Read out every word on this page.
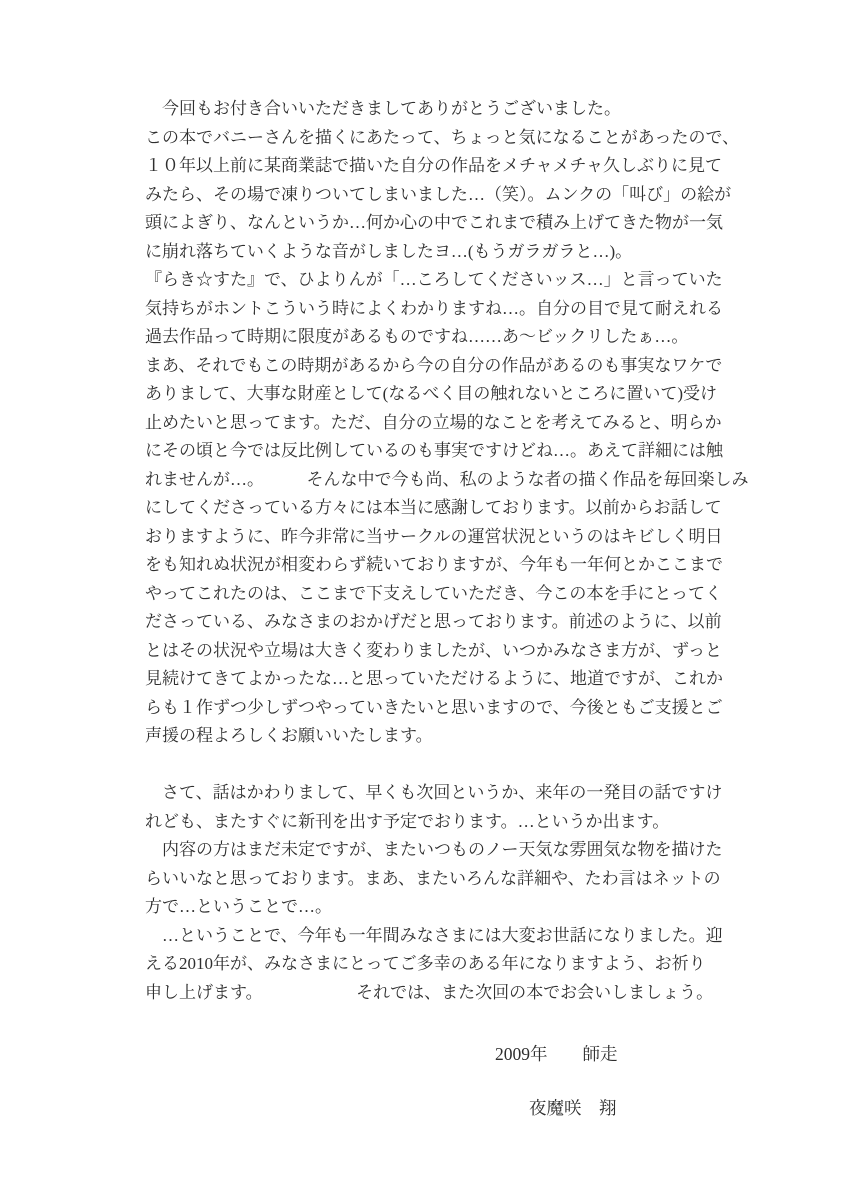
　今回もお付き合いいただきましてありがとうございました。
この本でバニーさんを描くにあたって、ちょっと気になることがあったので、
１０年以上前に某商業誌で描いた自分の作品をメチャメチャ久しぶりに見て
みたら、その場で凍りついてしまいました…（笑）。ムンクの「叫び」の絵が
頭によぎり、なんというか…何か心の中でこれまで積み上げてきた物が一気
に崩れ落ちていくような音がしましたヨ…(もうガラガラと…)。
『らき☆すた』で、ひよりんが「…ころしてくださいッス…」と言っていた
気持ちがホントこういう時によくわかりますね…。自分の目で見て耐えれる
過去作品って時期に限度があるものですね……あ〜ビックリしたぁ…。
まあ、それでもこの時期があるから今の自分の作品があるのも事実なワケで
ありまして、大事な財産として(なるべく目の触れないところに置いて)受け
止めたいと思ってます。ただ、自分の立場的なことを考えてみると、明らか
にその頃と今では反比例しているのも事実ですけどね…。あえて詳細には触
れませんが…。　　　そんな中で今も尚、私のような者の描く作品を毎回楽しみ
にしてくださっている方々には本当に感謝しております。以前からお話して
おりますように、昨今非常に当サークルの運営状況というのはキビしく明日
をも知れぬ状況が相変わらず続いておりますが、今年も一年何とかここまで
やってこれたのは、ここまで下支えしていただき、今この本を手にとってく
ださっている、みなさまのおかげだと思っております。前述のように、以前
とはその状況や立場は大きく変わりましたが、いつかみなさま方が、ずっと
見続けてきてよかったな…と思っていただけるように、地道ですが、これか
らも１作ずつ少しずつやっていきたいと思いますので、今後ともご支援とご
声援の程よろしくお願いいたします。
　さて、話はかわりまして、早くも次回というか、来年の一発目の話ですけ
れども、またすぐに新刊を出す予定でおります。…というか出ます。
　内容の方はまだ未定ですが、またいつものノー天気な雰囲気な物を描けた
らいいなと思っております。まあ、またいろんな詳細や、たわ言はネットの
方で…ということで…。
　…ということで、今年も一年間みなさまには大変お世話になりました。迎
える2010年が、みなさまにとってご多幸のある年になりますよう、お祈り
申し上げます。　　　　　　それでは、また次回の本でお会いしましょう。
2009年　　師走
夜魔咲　翔
